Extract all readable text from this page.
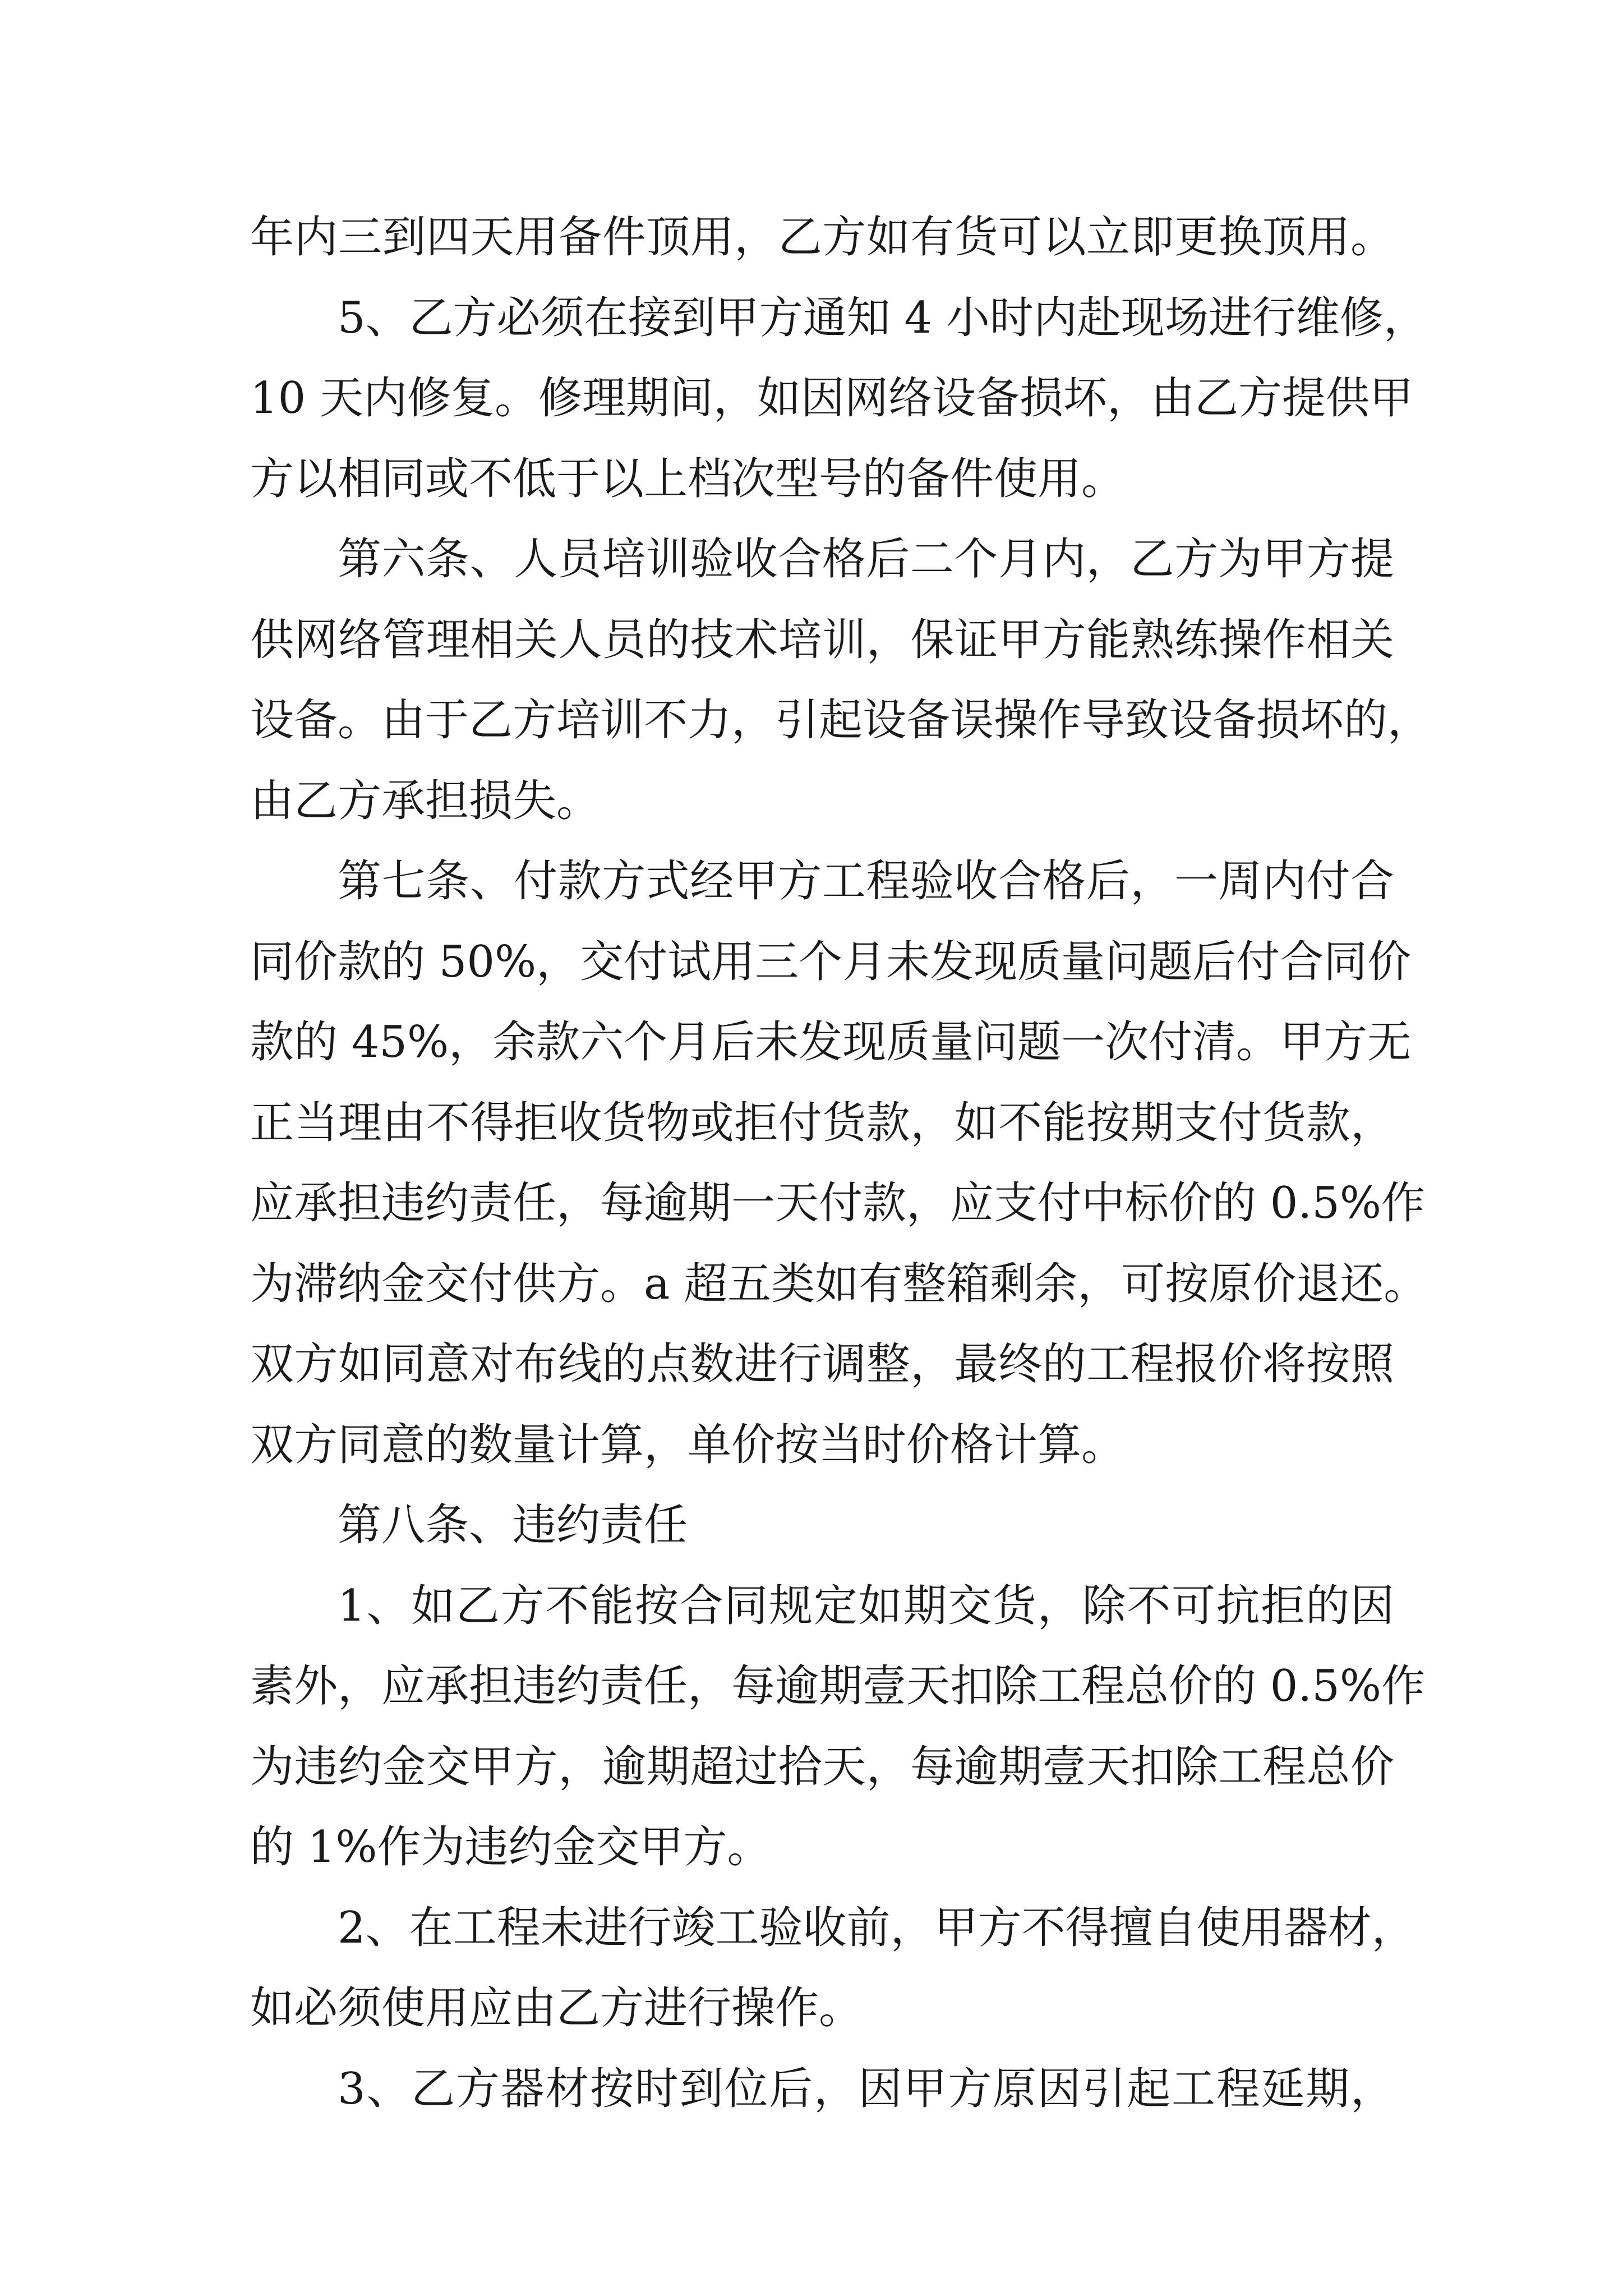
年内三到四天用备件顶用，乙方如有货可以立即更换顶用。
5、乙方必须在接到甲方通知 4 小时内赴现场进行维修，
10 天内修复。修理期间，如因网络设备损坏，由乙方提供甲
方以相同或不低于以上档次型号的备件使用。
第六条、人员培训验收合格后二个月内，乙方为甲方提
供网络管理相关人员的技术培训，保证甲方能熟练操作相关
设备。由于乙方培训不力，引起设备误操作导致设备损坏的，
由乙方承担损失。
第七条、付款方式经甲方工程验收合格后，一周内付合
同价款的 50%，交付试用三个月未发现质量问题后付合同价
款的 45%，余款六个月后未发现质量问题一次付清。甲方无
正当理由不得拒收货物或拒付货款，如不能按期支付货款，
应承担违约责任，每逾期一天付款，应支付中标价的 0.5%作
为滞纳金交付供方。a 超五类如有整箱剩余，可按原价退还。
双方如同意对布线的点数进行调整，最终的工程报价将按照
双方同意的数量计算，单价按当时价格计算。
第八条、违约责任
1、如乙方不能按合同规定如期交货，除不可抗拒的因
素外，应承担违约责任，每逾期壹天扣除工程总价的 0.5%作
为违约金交甲方，逾期超过拾天，每逾期壹天扣除工程总价
的 1%作为违约金交甲方。
2、在工程未进行竣工验收前，甲方不得擅自使用器材，
如必须使用应由乙方进行操作。
3、乙方器材按时到位后，因甲方原因引起工程延期，
